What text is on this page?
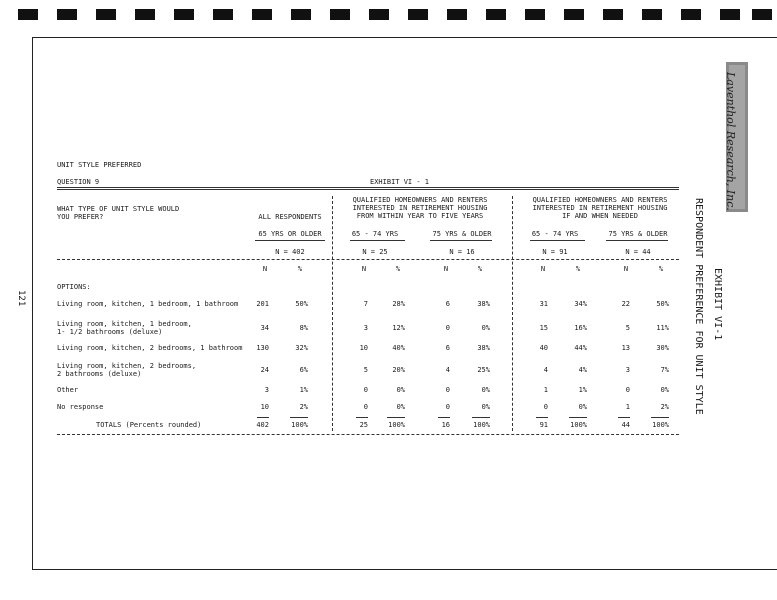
Laventhol Research, Inc.
EXHIBIT VI-1
RESPONDENT PREFERENCE FOR UNIT STYLE
121
UNIT STYLE PREFERRED
QUESTION 9	EXHIBIT VI - 1
WHAT TYPE OF UNIT STYLE WOULD
YOU PREFER?	ALL RESPONDENTS
65 YRS OR OLDER
N = 402
QUALIFIED HOMEOWNERS AND RENTERS
INTERESTED IN RETIREMENT HOUSING
FROM WITHIN YEAR TO FIVE YEARS
65 - 74 YRS	75 YRS & OLDER
N = 25	N = 16
QUALIFIED HOMEOWNERS AND RENTERS
INTERESTED IN RETIREMENT HOUSING
IF AND WHEN NEEDED
65 - 74 YRS	75 YRS & OLDER
N = 91	N = 44
N	%	N	%	N	%	N	%	N	%
OPTIONS:
Living room, kitchen, 1 bedroom, 1 bathroom	201	50%	7	28%	6	38%	31	34%	22	50%
Living room, kitchen, 1 bedroom,
1- 1/2 bathrooms (deluxe)	34	8%	3	12%	0	0%	15	16%	5	11%
Living room, kitchen, 2 bedrooms, 1 bathroom	130	32%	10	40%	6	38%	40	44%	13	30%
Living room, kitchen, 2 bedrooms,
2 bathrooms (deluxe)	24	6%	5	20%	4	25%	4	4%	3	7%
Other	3	1%	0	0%	0	0%	1	1%	0	0%
No response	10	2%	0	0%	0	0%	0	0%	1	2%
TOTALS (Percents rounded)	402	100%	25	100%	16	100%	91	100%	44	100%
